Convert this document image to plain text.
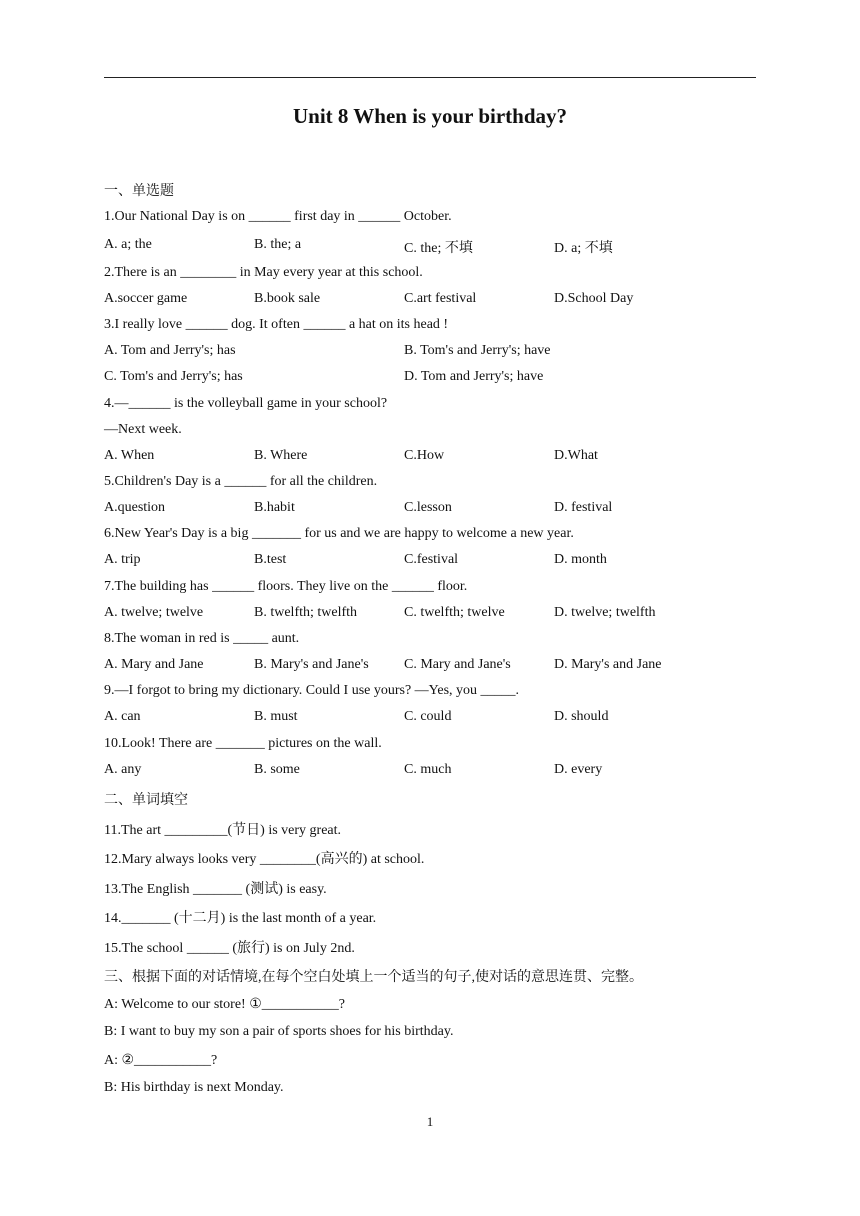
Unit 8 When is your birthday?
一、单选题
1.Our National Day is on ______ first day in ______ October.
A. a; the	B. the; a	C. the; 不填	D. a; 不填
2.There is an ________ in May every year at this school.
A.soccer game	B.book sale	C.art festival	D.School Day
3.I really love ______ dog. It often ______ a hat on its head !
A. Tom and Jerry's; has	B. Tom's and Jerry's; have
C. Tom's and Jerry's; has	D. Tom and Jerry's; have
4.—______ is the volleyball game in your school?
—Next week.
A. When	B. Where	C.How	D.What
5.Children's Day is a ______ for all the children.
A.question	B.habit	C.lesson	D. festival
6.New Year's Day is a big _______ for us and we are happy to welcome a new year.
A. trip	B.test	C.festival	D. month
7.The building has ______ floors. They live on the ______ floor.
A. twelve; twelve	B. twelfth; twelfth	C. twelfth; twelve	D. twelve; twelfth
8.The woman in red is _____ aunt.
A. Mary and Jane	B. Mary's and Jane's	C. Mary and Jane's	D. Mary's and Jane
9.—I forgot to bring my dictionary. Could I use yours? —Yes, you _____.
A. can	B. must	C. could	D. should
10.Look! There are _______ pictures on the wall.
A. any	B. some	C. much	D. every
二、单词填空
11.The art _________(节日) is very great.
12.Mary always looks very ________(高兴的) at school.
13.The English _______ (测试) is easy.
14._______ (十二月) is the last month of a year.
15.The school ______ (旅行) is on July 2nd.
三、根据下面的对话情境,在每个空白处填上一个适当的句子,使对话的意思连贯、完整。
A: Welcome to our store! ①___________?
B: I want to buy my son a pair of sports shoes for his birthday.
A: ②___________?
B: His birthday is next Monday.
1
